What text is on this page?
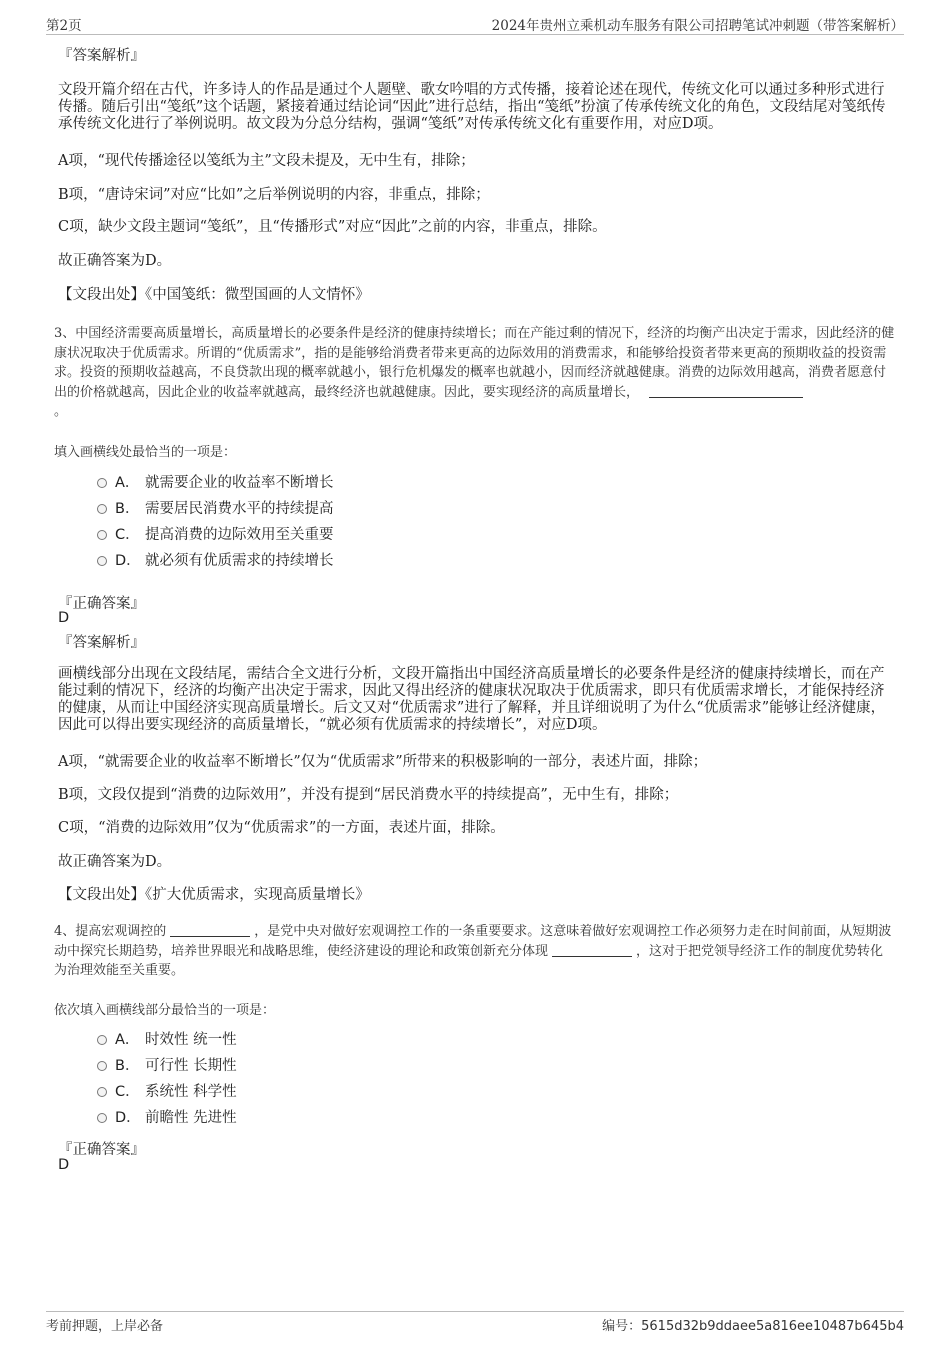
第2页	2024年贵州立乘机动车服务有限公司招聘笔试冲刺题（带答案解析）
『答案解析』
文段开篇介绍在古代，许多诗人的作品是通过个人题壁、歌女吟唱的方式传播，接着论述在现代，传统文化可以通过多种形式进行传播。随后引出“笺纸”这个话题，紧接着通过结论词“因此”进行总结，指出“笺纸”扮演了传承传统文化的角色，文段结尾对笺纸传承传统文化进行了举例说明。故文段为分总分结构，强调“笺纸”对传承传统文化有重要作用，对应D项。
A项，“现代传播途径以笺纸为主”文段未提及，无中生有，排除；
B项，“唐诗宋词”对应“比如”之后举例说明的内容，非重点，排除；
C项，缺少文段主题词“笺纸”，且“传播形式”对应“因此”之前的内容，非重点，排除。
故正确答案为D。
【文段出处】《中国笺纸：微型国画的人文情怀》
3、中国经济需要高质量增长，高质量增长的必要条件是经济的健康持续增长；而在产能过剩的情况下，经济的均衡产出决定于需求，因此经济的健康状况取决于优质需求。所谓的“优质需求”，指的是能够给消费者带来更高的边际效用的消费需求，和能够给投资者带来更高的预期收益的投资需求。投资的预期收益越高，不良贷款出现的概率就越小，银行危机爆发的概率也就越小，因而经济就越健康。消费的边际效用越高，消费者愿意付出的价格就越高，因此企业的收益率就越高，最终经济也就越健康。因此，要实现经济的高质量增长，
。
填入画横线处最恰当的一项是：
A． 就需要企业的收益率不断增长
B． 需要居民消费水平的持续提高
C． 提高消费的边际效用至关重要
D． 就必须有优质需求的持续增长
『正确答案』
D
『答案解析』
画横线部分出现在文段结尾，需结合全文进行分析，文段开篇指出中国经济高质量增长的必要条件是经济的健康持续增长，而在产能过剩的情况下，经济的均衡产出决定于需求，因此又得出经济的健康状况取决于优质需求，即只有优质需求增长，才能保持经济的健康，从而让中国经济实现高质量增长。后文又对“优质需求”进行了解释，并且详细说明了为什么“优质需求”能够让经济健康，因此可以得出要实现经济的高质量增长，“就必须有优质需求的持续增长”，对应D项。
A项，“就需要企业的收益率不断增长”仅为“优质需求”所带来的积极影响的一部分，表述片面，排除；
B项，文段仅提到“消费的边际效用”，并没有提到“居民消费水平的持续提高”，无中生有，排除；
C项，“消费的边际效用”仅为“优质需求”的一方面，表述片面，排除。
故正确答案为D。
【文段出处】《扩大优质需求，实现高质量增长》
4、提高宏观调控的	，是党中央对做好宏观调控工作的一条重要要求。这意味着做好宏观调控工作必须努力走在时间前面，从短期波动中探究长期趋势，培养世界眼光和战略思维，使经济建设的理论和政策创新充分体现	，这对于把党领导经济工作的制度优势转化为治理效能至关重要。
依次填入画横线部分最恰当的一项是：
A． 时效性 统一性
B． 可行性 长期性
C． 系统性 科学性
D． 前瞻性 先进性
『正确答案』
D
考前押题，上岸必备	编号：5615d32b9ddaee5a816ee10487b645b4
